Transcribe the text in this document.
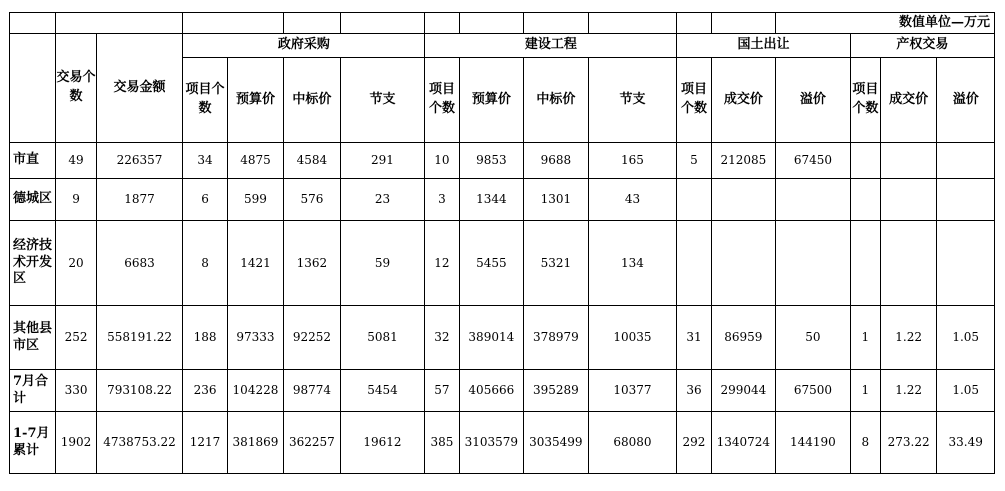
													数值单位—万元			
	交易个数	交易金额	政府采购				建设工程				国土出让			产权交易		
			项目个数	预算价	中标价	节支	项目个数	预算价	中标价	节支	项目个数	成交价	溢价	项目个数	成交价	溢价
市直	49	226357	34	4875	4584	291	10	9853	9688	165	5	212085	67450			
德城区	9	1877	6	599	576	23	3	1344	1301	43						
经济技术开发区	20	6683	8	1421	1362	59	12	5455	5321	134						
其他县市区	252	558191.22	188	97333	92252	5081	32	389014	378979	10035	31	86959	50	1	1.22	1.05
7月合计	330	793108.22	236	104228	98774	5454	57	405666	395289	10377	36	299044	67500	1	1.22	1.05
1-7月累计	1902	4738753.22	1217	381869	362257	19612	385	3103579	3035499	68080	292	1340724	144190	8	273.22	33.49
